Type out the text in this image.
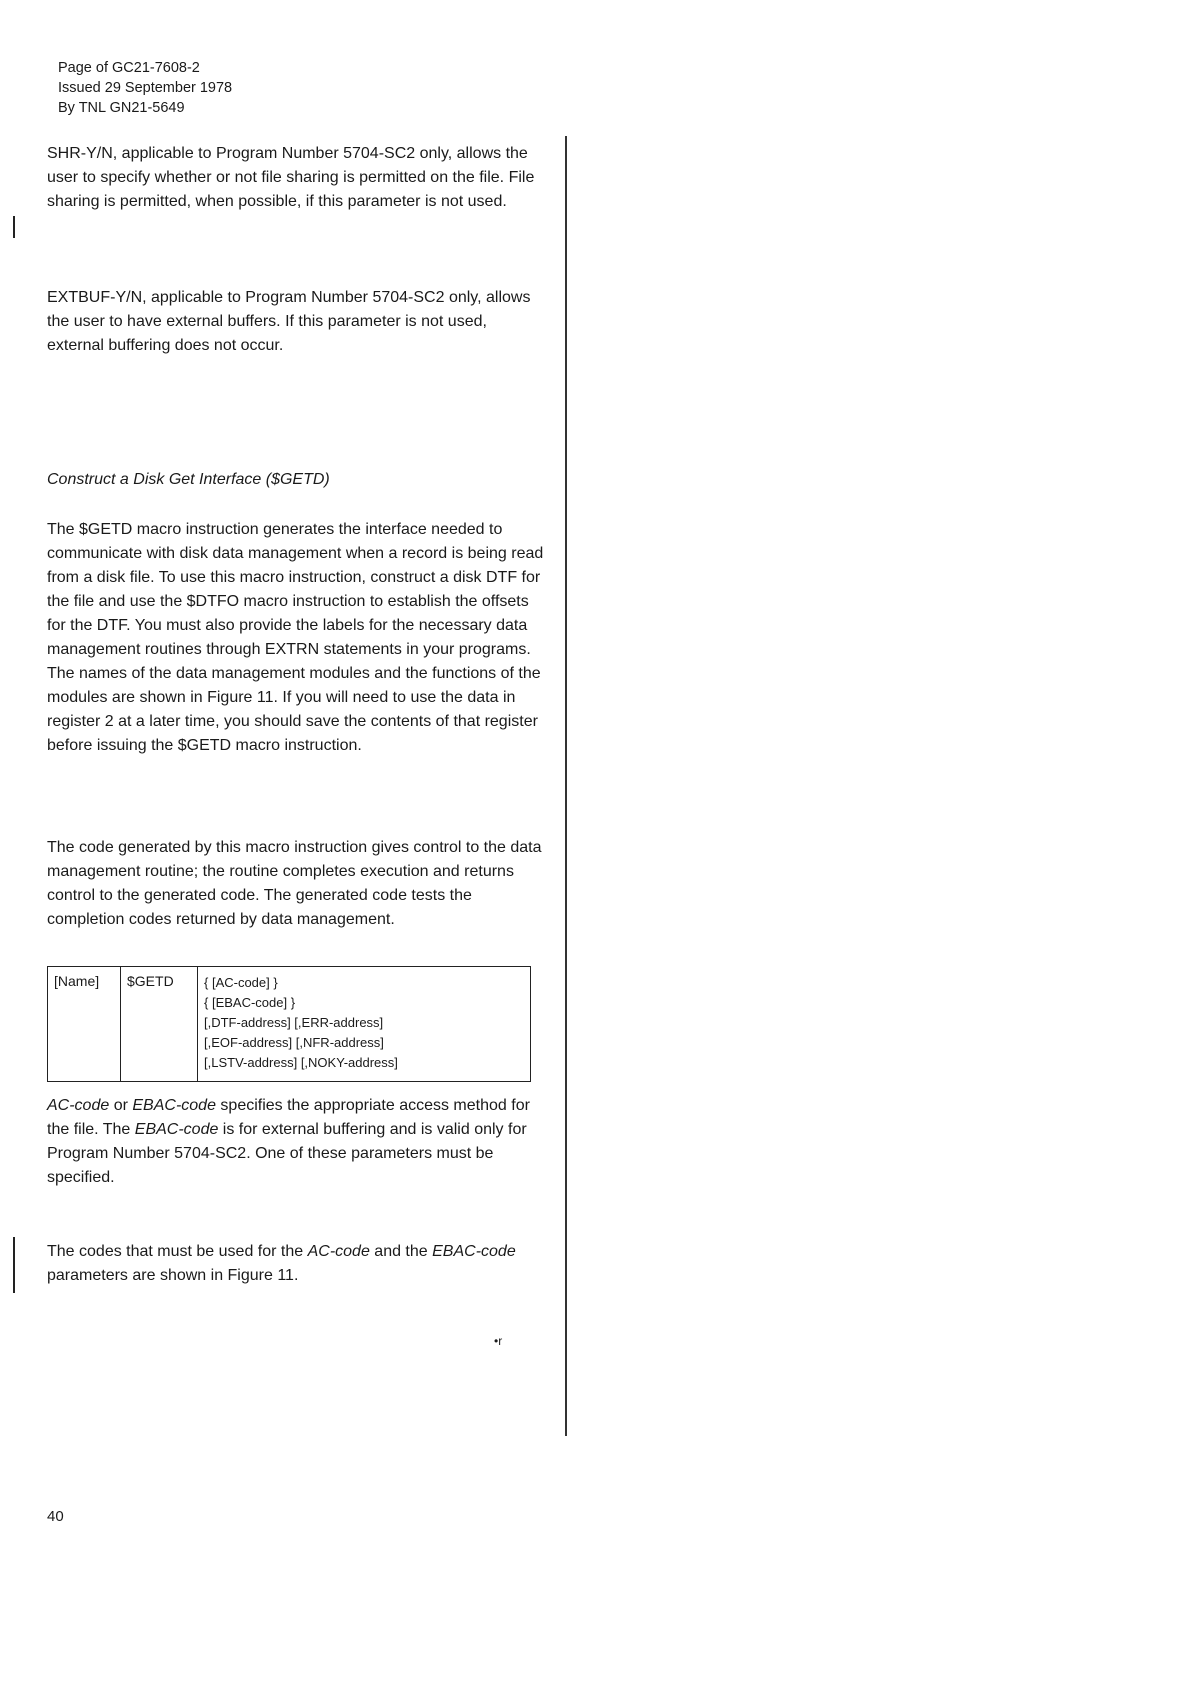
Page of GC21-7608-2
Issued 29 September 1978
By TNL GN21-5649

SHR-Y/N, applicable to Program Number 5704-SC2 only, allows the user to specify whether or not file sharing is permitted on the file. File sharing is permitted, when possible, if this parameter is not used.

EXTBUF-Y/N, applicable to Program Number 5704-SC2 only, allows the user to have external buffers. If this parameter is not used, external buffering does not occur.

Construct a Disk Get Interface ($GETD)

The $GETD macro instruction generates the interface needed to communicate with disk data management when a record is being read from a disk file. To use this macro instruction, construct a disk DTF for the file and use the $DTFO macro instruction to establish the offsets for the DTF. You must also provide the labels for the necessary data management routines through EXTRN statements in your programs. The names of the data management modules and the functions of the modules are shown in Figure 11. If you will need to use the data in register 2 at a later time, you should save the contents of that register before issuing the $GETD macro instruction.

The code generated by this macro instruction gives control to the data management routine; the routine completes execution and returns control to the generated code. The generated code tests the completion codes returned by data management.

[Name]	$GETD	{ [AC-code] }
{ [EBAC-code] }
[,DTF-address] [,ERR-address]
[,EOF-address] [,NFR-address]
[,LSTV-address] [,NOKY-address]

AC-code or EBAC-code specifies the appropriate access method for the file. The EBAC-code is for external buffering and is valid only for Program Number 5704-SC2. One of these parameters must be specified.

The codes that must be used for the AC-code and the EBAC-code parameters are shown in Figure 11.

•r
40
